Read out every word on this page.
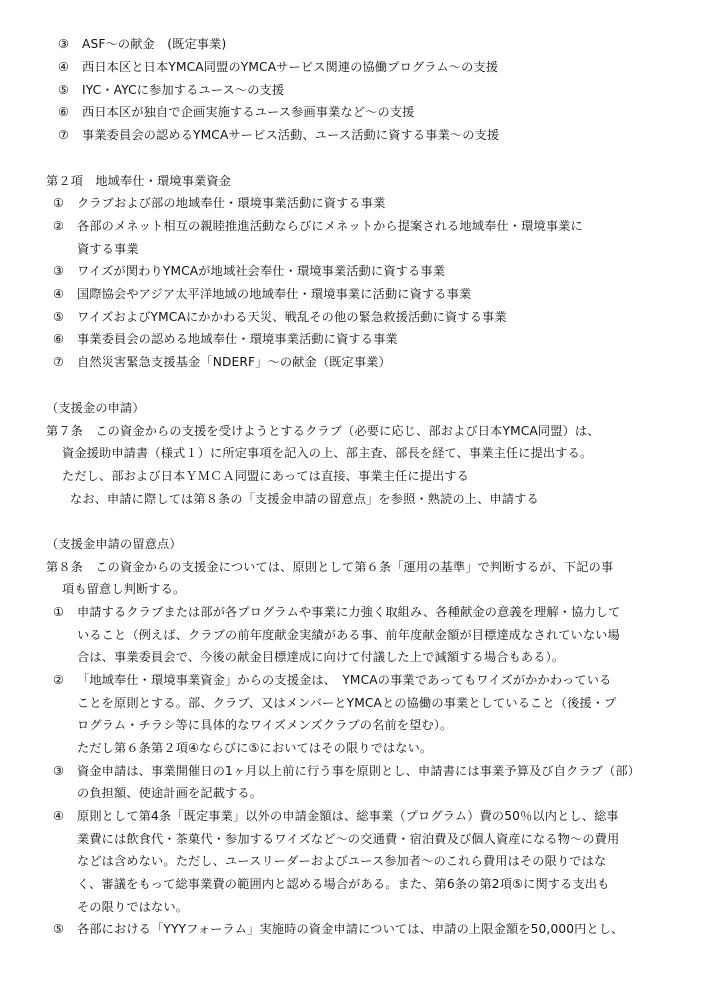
③ ASF～の献金　(既定事業)
④ 西日本区と日本YMCA同盟のYMCAサービス関連の協働プログラム～の支援
⑤ IYC・AYCに参加するユース～の支援
⑥ 西日本区が独自で企画実施するユース参画事業など～の支援
⑦ 事業委員会の認めるYMCAサービス活動、ユース活動に資する事業～の支援
第２項　地域奉仕・環境事業資金
① クラブおよび部の地域奉仕・環境事業活動に資する事業
② 各部のメネット相互の親睦推進活動ならびにメネットから提案される地域奉仕・環境事業に
資する事業
③ ワイズが関わりYMCAが地域社会奉仕・環境事業活動に資する事業
④ 国際協会やアジア太平洋地域の地域奉仕・環境事業に活動に資する事業
⑤ ワイズおよびYMCAにかかわる天災、戦乱その他の緊急救援活動に資する事業
⑥ 事業委員会の認める地域奉仕・環境事業活動に資する事業
⑦ 自然災害緊急支援基金「NDERF」～の献金（既定事業）
（支援金の申請）
第７条　この資金からの支援を受けようとするクラブ（必要に応じ、部および日本YMCA同盟）は、
資金援助申請書（様式１）に所定事項を記入の上、部主査、部長を経て、事業主任に提出する。
ただし、部および日本ＹＭＣＡ同盟にあっては直接、事業主任に提出する
なお、申請に際しては第８条の「支援金申請の留意点」を参照・熟読の上、申請する
（支援金申請の留意点）
第８条　この資金からの支援金については、原則として第６条「運用の基準」で判断するが、下記の事
項も留意し判断する。
① 申請するクラブまたは部が各プログラムや事業に力強く取組み、各種献金の意義を理解・協力して
いること（例えば、クラブの前年度献金実績がある事、前年度献金額が目標達成なされていない場
合は、事業委員会で、今後の献金目標達成に向けて付議した上で減額する場合もある）。
② 「地域奉仕・環境事業資金」からの支援金は、　YMCAの事業であってもワイズがかかわっている
ことを原則とする。部、クラブ、又はメンバーとYMCAとの協働の事業としていること（後援・プ
ログラム・チラシ等に具体的なワイズメンズクラブの名前を望む）。
ただし第６条第２項④ならびに⑤においてはその限りではない。
③ 資金申請は、事業開催日の1ヶ月以上前に行う事を原則とし、申請書には事業予算及び自クラブ（部）
の負担額、使途計画を記載する。
④ 原則として第4条「既定事業」以外の申請金額は、総事業（プログラム）費の50％以内とし、総事
業費には飲食代・茶菓代・参加するワイズなど～の交通費・宿泊費及び個人資産になる物～の費用
などは含めない。ただし、ユースリーダーおよびユース参加者～のこれら費用はその限りではな
く、審議をもって総事業費の範囲内と認める場合がある。また、第6条の第2項⑤に関する支出も
その限りではない。
⑤ 各部における「YYYフォーラム」実施時の資金申請については、申請の上限金額を50,000円とし、
